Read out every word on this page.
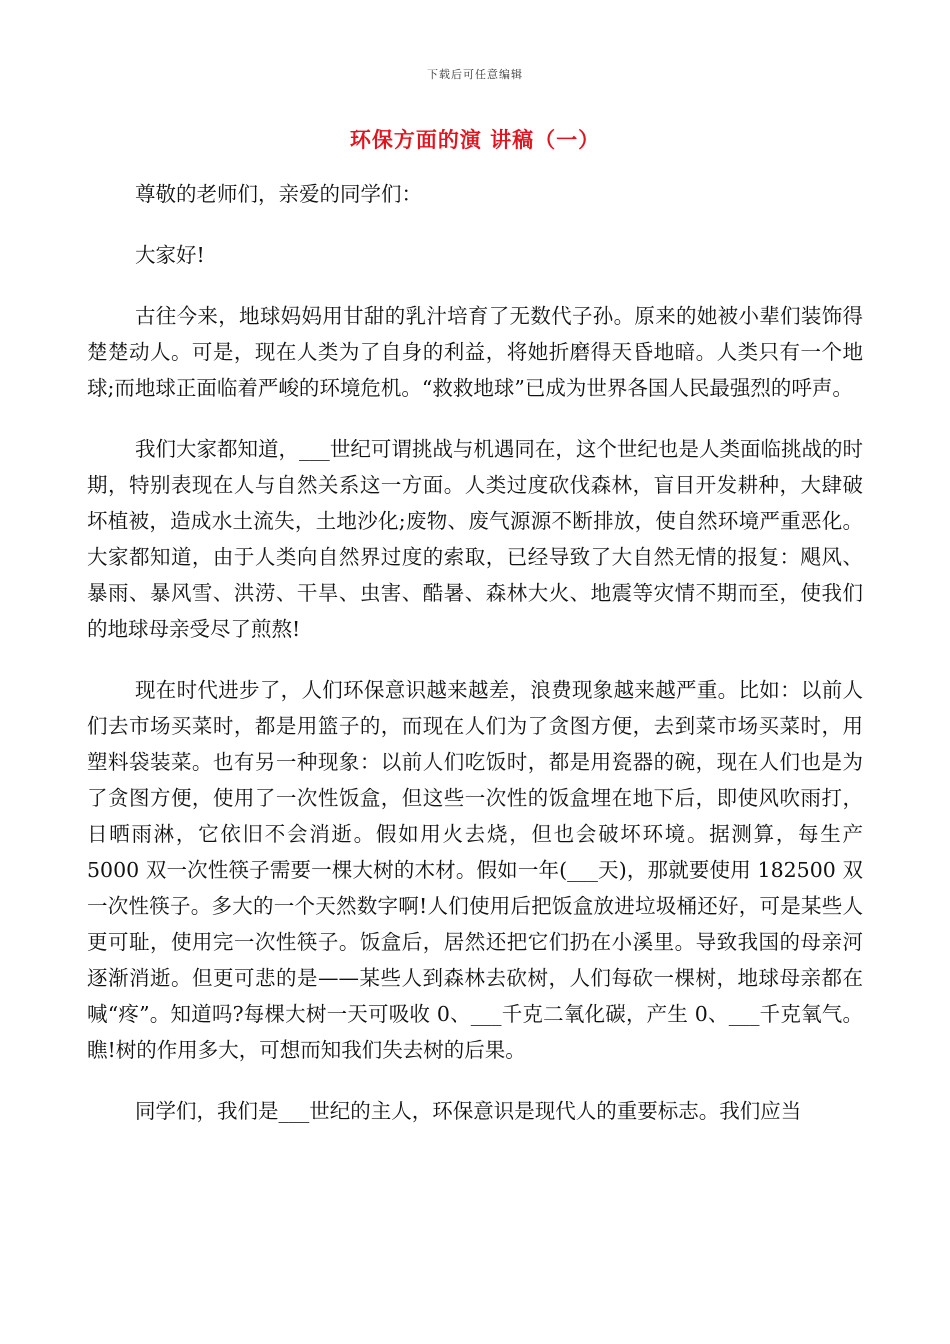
下载后可任意编辑
环保方面的演 讲稿（一）

尊敬的老师们，亲爱的同学们：

大家好!

古往今来，地球妈妈用甘甜的乳汁培育了无数代子孙。原来的她被小辈们装饰得楚楚动人。可是，现在人类为了自身的利益，将她折磨得天昏地暗。人类只有一个地球;而地球正面临着严峻的环境危机。“救救地球”已成为世界各国人民最强烈的呼声。

我们大家都知道，___世纪可谓挑战与机遇同在，这个世纪也是人类面临挑战的时期，特别表现在人与自然关系这一方面。人类过度砍伐森林，盲目开发耕种，大肆破坏植被，造成水土流失，土地沙化;废物、废气源源不断排放，使自然环境严重恶化。大家都知道，由于人类向自然界过度的索取，已经导致了大自然无情的报复：飓风、暴雨、暴风雪、洪涝、干旱、虫害、酷暑、森林大火、地震等灾情不期而至，使我们的地球母亲受尽了煎熬!

现在时代进步了，人们环保意识越来越差，浪费现象越来越严重。比如：以前人们去市场买菜时，都是用篮子的，而现在人们为了贪图方便，去到菜市场买菜时，用塑料袋装菜。也有另一种现象：以前人们吃饭时，都是用瓷器的碗，现在人们也是为了贪图方便，使用了一次性饭盒，但这些一次性的饭盒埋在地下后，即使风吹雨打，日晒雨淋，它依旧不会消逝。假如用火去烧，但也会破坏环境。据测算，每生产 5000 双一次性筷子需要一棵大树的木材。假如一年(___天)，那就要使用 182500 双一次性筷子。多大的一个天然数字啊!人们使用后把饭盒放进垃圾桶还好，可是某些人更可耻，使用完一次性筷子。饭盒后，居然还把它们扔在小溪里。导致我国的母亲河逐渐消逝。但更可悲的是——某些人到森林去砍树，人们每砍一棵树，地球母亲都在喊“疼”。知道吗?每棵大树一天可吸收 0、___千克二氧化碳，产生 0、___千克氧气。瞧!树的作用多大，可想而知我们失去树的后果。

同学们，我们是___世纪的主人，环保意识是现代人的重要标志。我们应当
